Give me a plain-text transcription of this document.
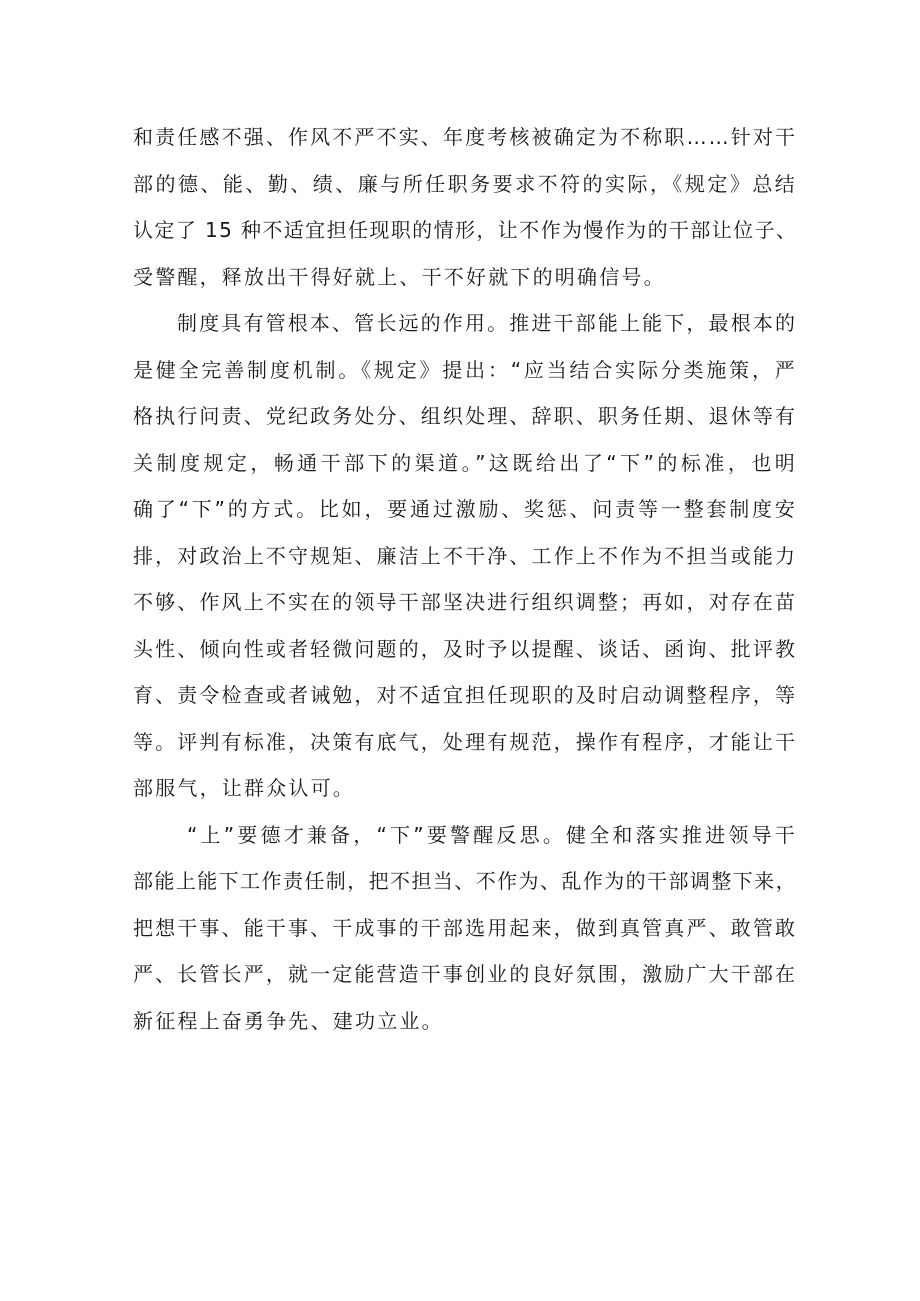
和责任感不强、作风不严不实、年度考核被确定为不称职……针对干
部的德、能、勤、绩、廉与所任职务要求不符的实际，《规定》总结
认定了 15 种不适宜担任现职的情形，让不作为慢作为的干部让位子、
受警醒，释放出干得好就上、干不好就下的明确信号。
制度具有管根本、管长远的作用。推进干部能上能下，最根本的
是健全完善制度机制。《规定》提出：“应当结合实际分类施策，严
格执行问责、党纪政务处分、组织处理、辞职、职务任期、退休等有
关制度规定，畅通干部下的渠道。”这既给出了“下”的标准，也明
确了“下”的方式。比如，要通过激励、奖惩、问责等一整套制度安
排，对政治上不守规矩、廉洁上不干净、工作上不作为不担当或能力
不够、作风上不实在的领导干部坚决进行组织调整；再如，对存在苗
头性、倾向性或者轻微问题的，及时予以提醒、谈话、函询、批评教
育、责令检查或者诫勉，对不适宜担任现职的及时启动调整程序，等
等。评判有标准，决策有底气，处理有规范，操作有程序，才能让干
部服气，让群众认可。
“上”要德才兼备，“下”要警醒反思。健全和落实推进领导干
部能上能下工作责任制，把不担当、不作为、乱作为的干部调整下来，
把想干事、能干事、干成事的干部选用起来，做到真管真严、敢管敢
严、长管长严，就一定能营造干事创业的良好氛围，激励广大干部在
新征程上奋勇争先、建功立业。
